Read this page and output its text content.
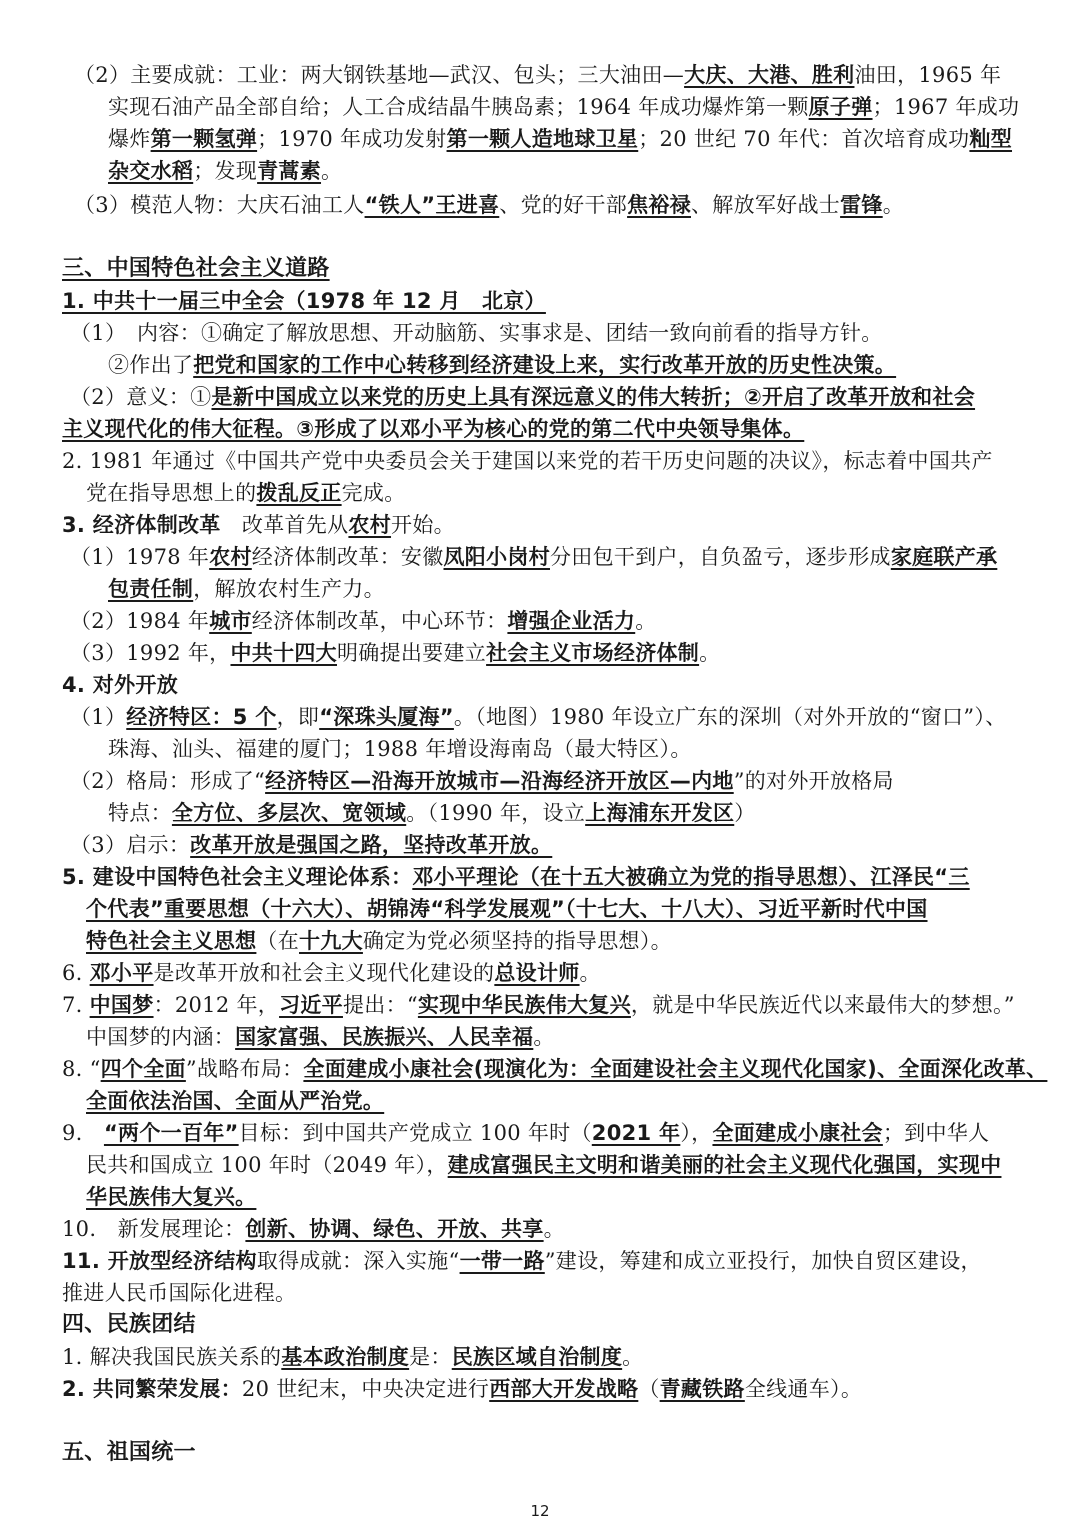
（2）主要成就：工业：两大钢铁基地—武汉、包头；三大油田—大庆、大港、胜利油田，1965 年
实现石油产品全部自给；人工合成结晶牛胰岛素；1964 年成功爆炸第一颗原子弹；1967 年成功
爆炸第一颗氢弹；1970 年成功发射第一颗人造地球卫星；20 世纪 70 年代：首次培育成功籼型
杂交水稻；发现青蒿素。
（3）模范人物：大庆石油工人“铁人”王进喜、党的好干部焦裕禄、解放军好战士雷锋。
三、中国特色社会主义道路
1. 中共十一届三中全会（1978 年 12 月　北京）
（1）　内容：①确定了解放思想、开动脑筋、实事求是、团结一致向前看的指导方针。
②作出了把党和国家的工作中心转移到经济建设上来，实行改革开放的历史性决策。
（2）意义：①是新中国成立以来党的历史上具有深远意义的伟大转折；②开启了改革开放和社会
主义现代化的伟大征程。③形成了以邓小平为核心的党的第二代中央领导集体。
2. 1981 年通过《中国共产党中央委员会关于建国以来党的若干历史问题的决议》，标志着中国共产
党在指导思想上的拨乱反正完成。
3. 经济体制改革　改革首先从农村开始。
（1）1978 年农村经济体制改革：安徽凤阳小岗村分田包干到户，自负盈亏，逐步形成家庭联产承
包责任制，解放农村生产力。
（2）1984 年城市经济体制改革，中心环节：增强企业活力。
（3）1992 年，中共十四大明确提出要建立社会主义市场经济体制。
4. 对外开放
（1）经济特区：5 个，即“深珠头厦海”。（地图）1980 年设立广东的深圳（对外开放的“窗口”）、
珠海、汕头、福建的厦门；1988 年增设海南岛（最大特区）。
（2）格局：形成了“经济特区—沿海开放城市—沿海经济开放区—内地”的对外开放格局
特点：全方位、多层次、宽领域。（1990 年，设立上海浦东开发区）
（3）启示：改革开放是强国之路，坚持改革开放。
5. 建设中国特色社会主义理论体系：邓小平理论（在十五大被确立为党的指导思想）、江泽民“三
个代表”重要思想（十六大）、胡锦涛“科学发展观”（十七大、十八大）、习近平新时代中国
特色社会主义思想（在十九大确定为党必须坚持的指导思想）。
6. 邓小平是改革开放和社会主义现代化建设的总设计师。
7. 中国梦：2012 年，习近平提出：“实现中华民族伟大复兴，就是中华民族近代以来最伟大的梦想。”
中国梦的内涵：国家富强、民族振兴、人民幸福。
8. “四个全面”战略布局：全面建成小康社会(现演化为：全面建设社会主义现代化国家)、全面深化改革、
全面依法治国、全面从严治党。
9.　“两个一百年”目标：到中国共产党成立 100 年时（2021 年），全面建成小康社会；到中华人
民共和国成立 100 年时（2049 年），建成富强民主文明和谐美丽的社会主义现代化强国，实现中
华民族伟大复兴。
10.　新发展理论：创新、协调、绿色、开放、共享。
11. 开放型经济结构取得成就：深入实施“一带一路”建设，筹建和成立亚投行，加快自贸区建设，
推进人民币国际化进程。
四、民族团结
1. 解决我国民族关系的基本政治制度是：民族区域自治制度。
2. 共同繁荣发展：20 世纪末，中央决定进行西部大开发战略（青藏铁路全线通车）。
五、祖国统一
12
